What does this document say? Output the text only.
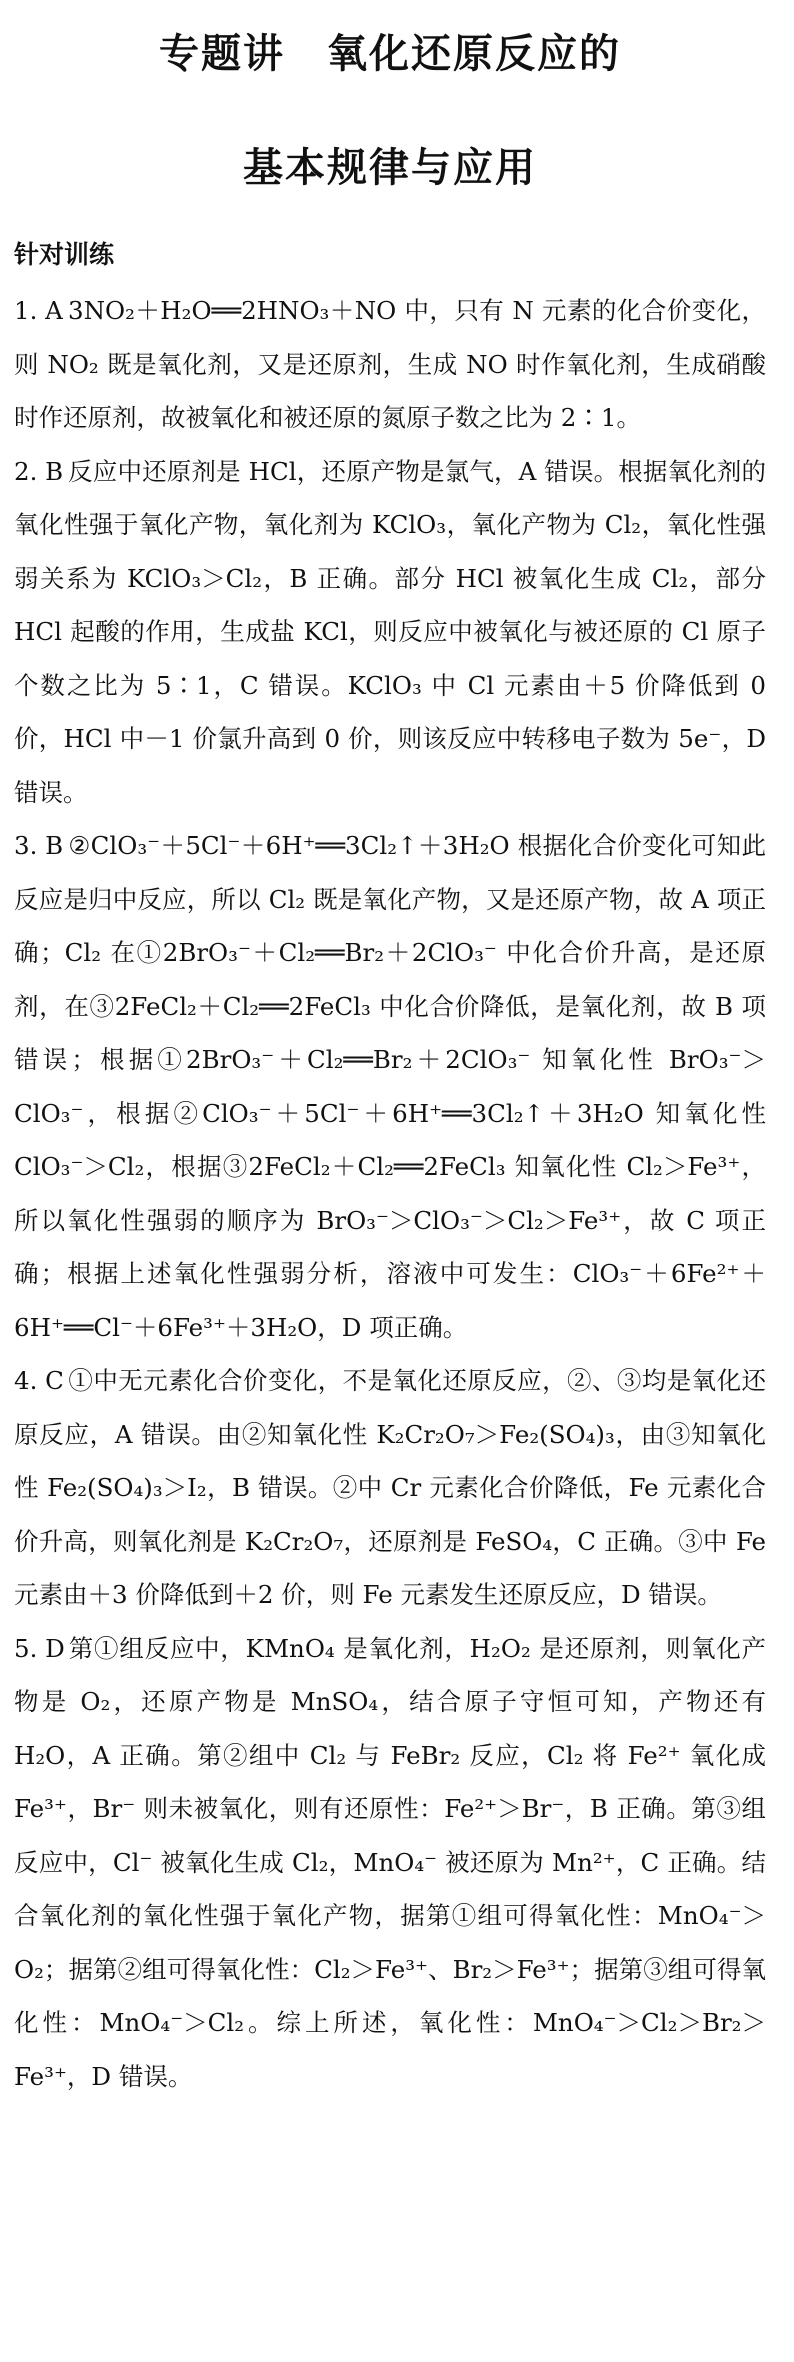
专题讲　氧化还原反应的
基本规律与应用
针对训练

1. A 3NO₂＋H₂O══2HNO₃＋NO 中，只有 N 元素的化合价变化，则 NO₂ 既是氧化剂，又是还原剂，生成 NO 时作氧化剂，生成硝酸时作还原剂，故被氧化和被还原的氮原子数之比为 2∶1。

2. B 反应中还原剂是 HCl，还原产物是氯气，A 错误。根据氧化剂的氧化性强于氧化产物，氧化剂为 KClO₃，氧化产物为 Cl₂，氧化性强弱关系为 KClO₃＞Cl₂，B 正确。部分 HCl 被氧化生成 Cl₂，部分 HCl 起酸的作用，生成盐 KCl，则反应中被氧化与被还原的 Cl 原子个数之比为 5∶1，C 错误。KClO₃ 中 Cl 元素由＋5 价降低到 0 价，HCl 中－1 价氯升高到 0 价，则该反应中转移电子数为 5e⁻，D 错误。

3. B ②ClO₃⁻＋5Cl⁻＋6H⁺══3Cl₂↑＋3H₂O 根据化合价变化可知此反应是归中反应，所以 Cl₂ 既是氧化产物，又是还原产物，故 A 项正确；Cl₂ 在①2BrO₃⁻＋Cl₂══Br₂＋2ClO₃⁻ 中化合价升高，是还原剂，在③2FeCl₂＋Cl₂══2FeCl₃ 中化合价降低，是氧化剂，故 B 项错误；根据①2BrO₃⁻＋Cl₂══Br₂＋2ClO₃⁻ 知氧化性 BrO₃⁻＞ClO₃⁻，根据②ClO₃⁻＋5Cl⁻＋6H⁺══3Cl₂↑＋3H₂O 知氧化性 ClO₃⁻＞Cl₂，根据③2FeCl₂＋Cl₂══2FeCl₃ 知氧化性 Cl₂＞Fe³⁺，所以氧化性强弱的顺序为 BrO₃⁻＞ClO₃⁻＞Cl₂＞Fe³⁺，故 C 项正确；根据上述氧化性强弱分析，溶液中可发生：ClO₃⁻＋6Fe²⁺＋6H⁺══Cl⁻＋6Fe³⁺＋3H₂O，D 项正确。

4. C ①中无元素化合价变化，不是氧化还原反应，②、③均是氧化还原反应，A 错误。由②知氧化性 K₂Cr₂O₇＞Fe₂(SO₄)₃，由③知氧化性 Fe₂(SO₄)₃＞I₂，B 错误。②中 Cr 元素化合价降低，Fe 元素化合价升高，则氧化剂是 K₂Cr₂O₇，还原剂是 FeSO₄，C 正确。③中 Fe 元素由＋3 价降低到＋2 价，则 Fe 元素发生还原反应，D 错误。

5. D 第①组反应中，KMnO₄ 是氧化剂，H₂O₂ 是还原剂，则氧化产物是 O₂，还原产物是 MnSO₄，结合原子守恒可知，产物还有 H₂O，A 正确。第②组中 Cl₂ 与 FeBr₂ 反应，Cl₂ 将 Fe²⁺ 氧化成 Fe³⁺，Br⁻ 则未被氧化，则有还原性：Fe²⁺＞Br⁻，B 正确。第③组反应中，Cl⁻ 被氧化生成 Cl₂，MnO₄⁻ 被还原为 Mn²⁺，C 正确。结合氧化剂的氧化性强于氧化产物，据第①组可得氧化性：MnO₄⁻＞O₂；据第②组可得氧化性：Cl₂＞Fe³⁺、Br₂＞Fe³⁺；据第③组可得氧化性：MnO₄⁻＞Cl₂。综上所述，氧化性：MnO₄⁻＞Cl₂＞Br₂＞Fe³⁺，D 错误。
